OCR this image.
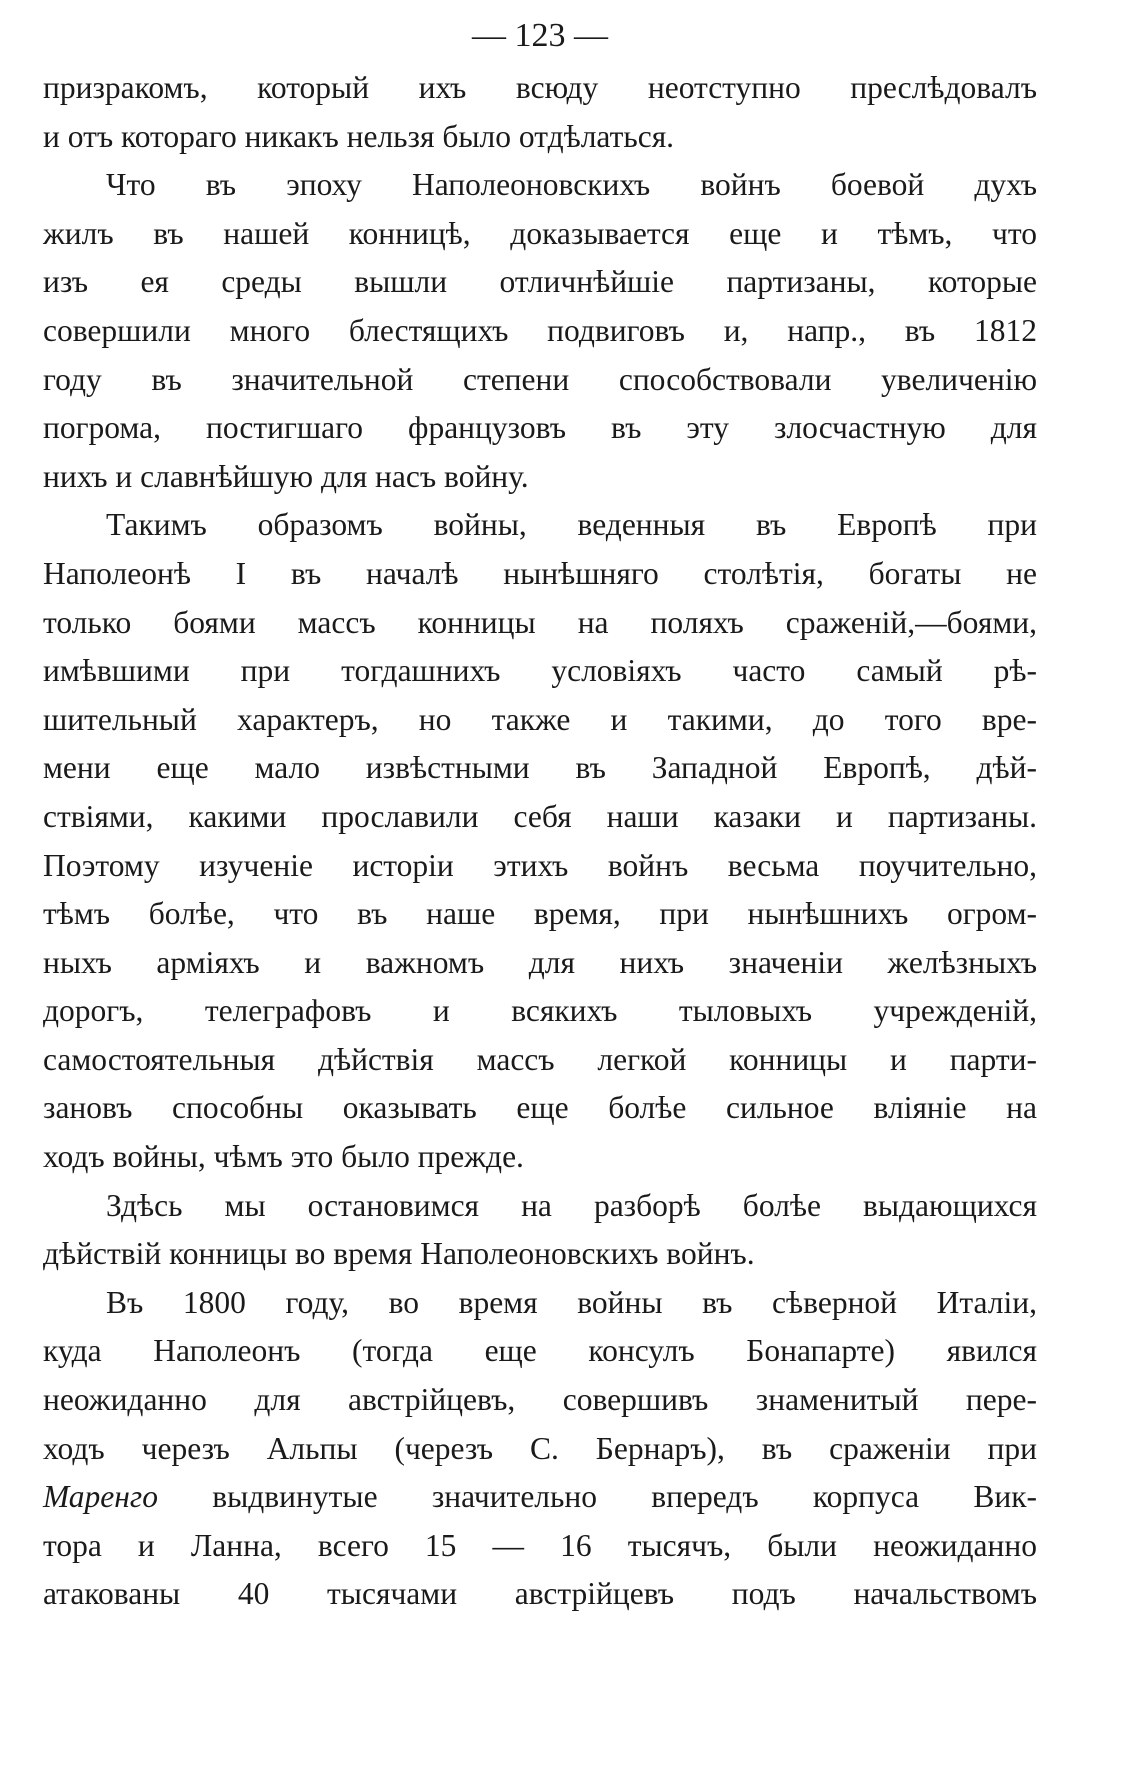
— 123 —

призракомъ, который ихъ всюду неотступно преслѣдовалъ
и отъ котораго никакъ нельзя было отдѣлаться.

Что въ эпоху Наполеоновскихъ войнъ боевой духъ
жилъ въ нашей конницѣ, доказывается еще и тѣмъ, что
изъ ея среды вышли отличнѣйшіе партизаны, которые
совершили много блестящихъ подвиговъ и, напр., въ 1812
году въ значительной степени способствовали увеличенію
погрома, постигшаго французовъ въ эту злосчастную для
нихъ и славнѣйшую для насъ войну.

Такимъ образомъ войны, веденныя въ Европѣ при
Наполеонѣ I въ началѣ нынѣшняго столѣтія, богаты не
только боями массъ конницы на поляхъ сраженій,—боями,
имѣвшими при тогдашнихъ условіяхъ часто самый рѣ-
шительный характеръ, но также и такими, до того вре-
мени еще мало извѣстными въ Западной Европѣ, дѣй-
ствіями, какими прославили себя наши казаки и партизаны.
Поэтому изученіе исторіи этихъ войнъ весьма поучительно,
тѣмъ болѣе, что въ наше время, при нынѣшнихъ огром-
ныхъ арміяхъ и важномъ для нихъ значеніи желѣзныхъ
дорогъ, телеграфовъ и всякихъ тыловыхъ учрежденій,
самостоятельныя дѣйствія массъ легкой конницы и парти-
зановъ способны оказывать еще болѣе сильное вліяніе на
ходъ войны, чѣмъ это было прежде.

Здѣсь мы остановимся на разборѣ болѣе выдающихся
дѣйствій конницы во время Наполеоновскихъ войнъ.

Въ 1800 году, во время войны въ сѣверной Италіи,
куда Наполеонъ (тогда еще консулъ Бонапарте) явился
неожиданно для австрійцевъ, совершивъ знаменитый пере-
ходъ черезъ Альпы (черезъ С. Бернаръ), въ сраженіи при
Маренго выдвинутые значительно впередъ корпуса Вик-
тора и Ланна, всего 15 — 16 тысячъ, были неожиданно
атакованы 40 тысячами австрійцевъ подъ начальствомъ
